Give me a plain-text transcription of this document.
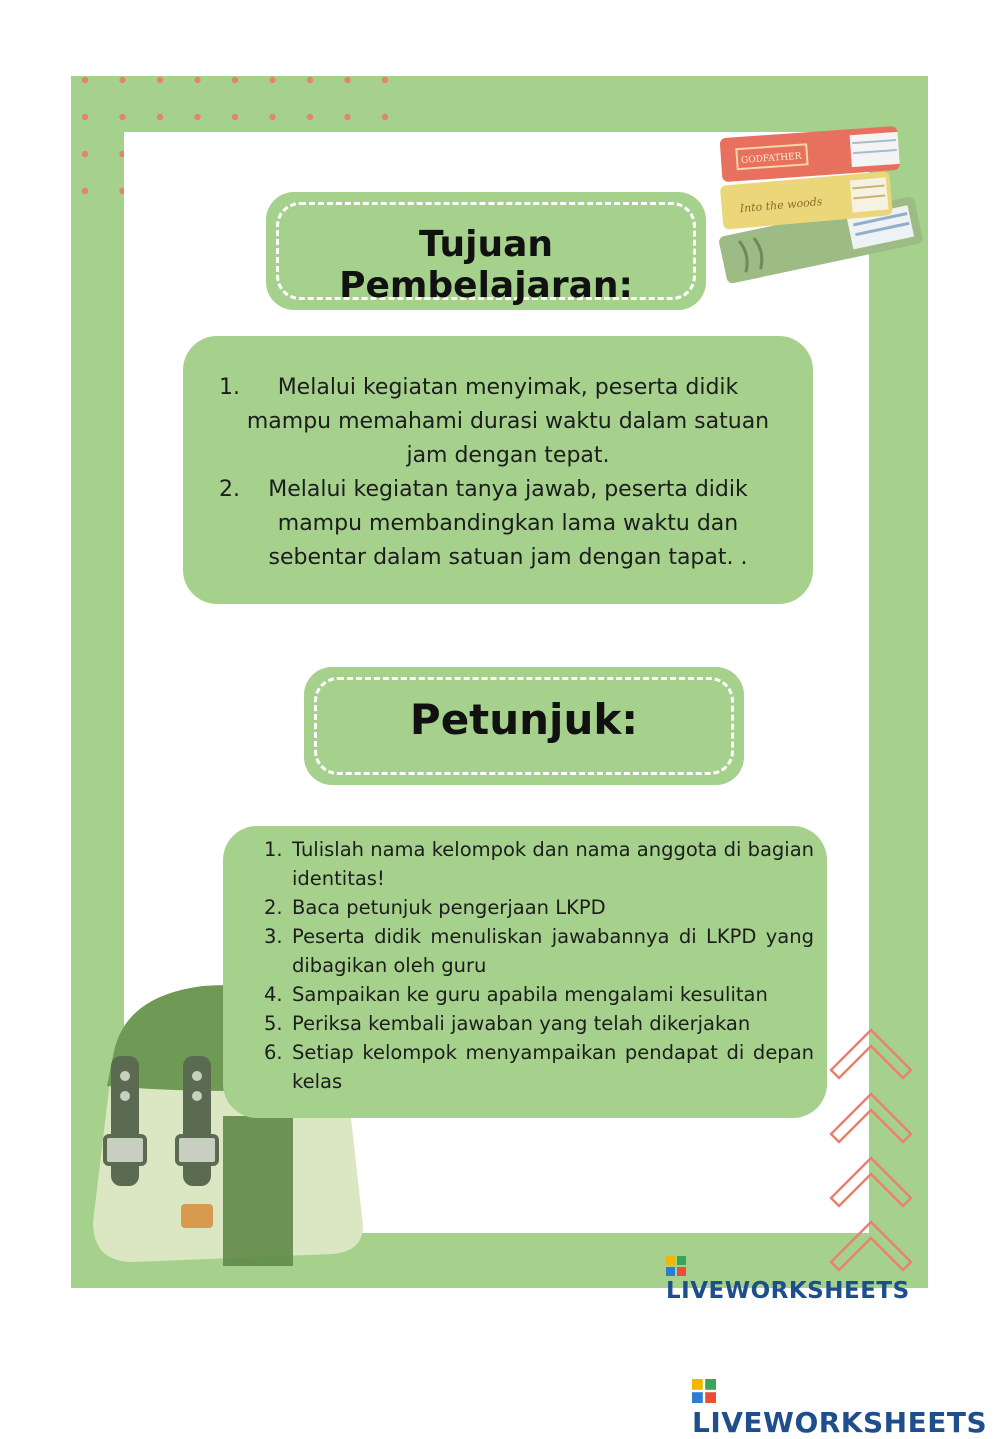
Into the woods
GODFATHER
Tujuan Pembelajaran:
1.	Melalui kegiatan menyimak, peserta didik
mampu memahami durasi waktu dalam satuan
jam dengan tepat.
2.	Melalui kegiatan tanya jawab, peserta didik
mampu membandingkan lama waktu dan
sebentar dalam satuan jam dengan tapat. .
Petunjuk:
1. Tulislah nama kelompok dan nama anggota di bagian identitas!
2. Baca petunjuk pengerjaan LKPD
3. Peserta didik menuliskan jawabannya di LKPD yang dibagikan oleh guru
4. Sampaikan ke guru apabila mengalami kesulitan
5. Periksa kembali jawaban yang telah dikerjakan
6. Setiap kelompok menyampaikan pendapat di depan kelas
LIVEWORKSHEETS
LIVEWORKSHEETS
